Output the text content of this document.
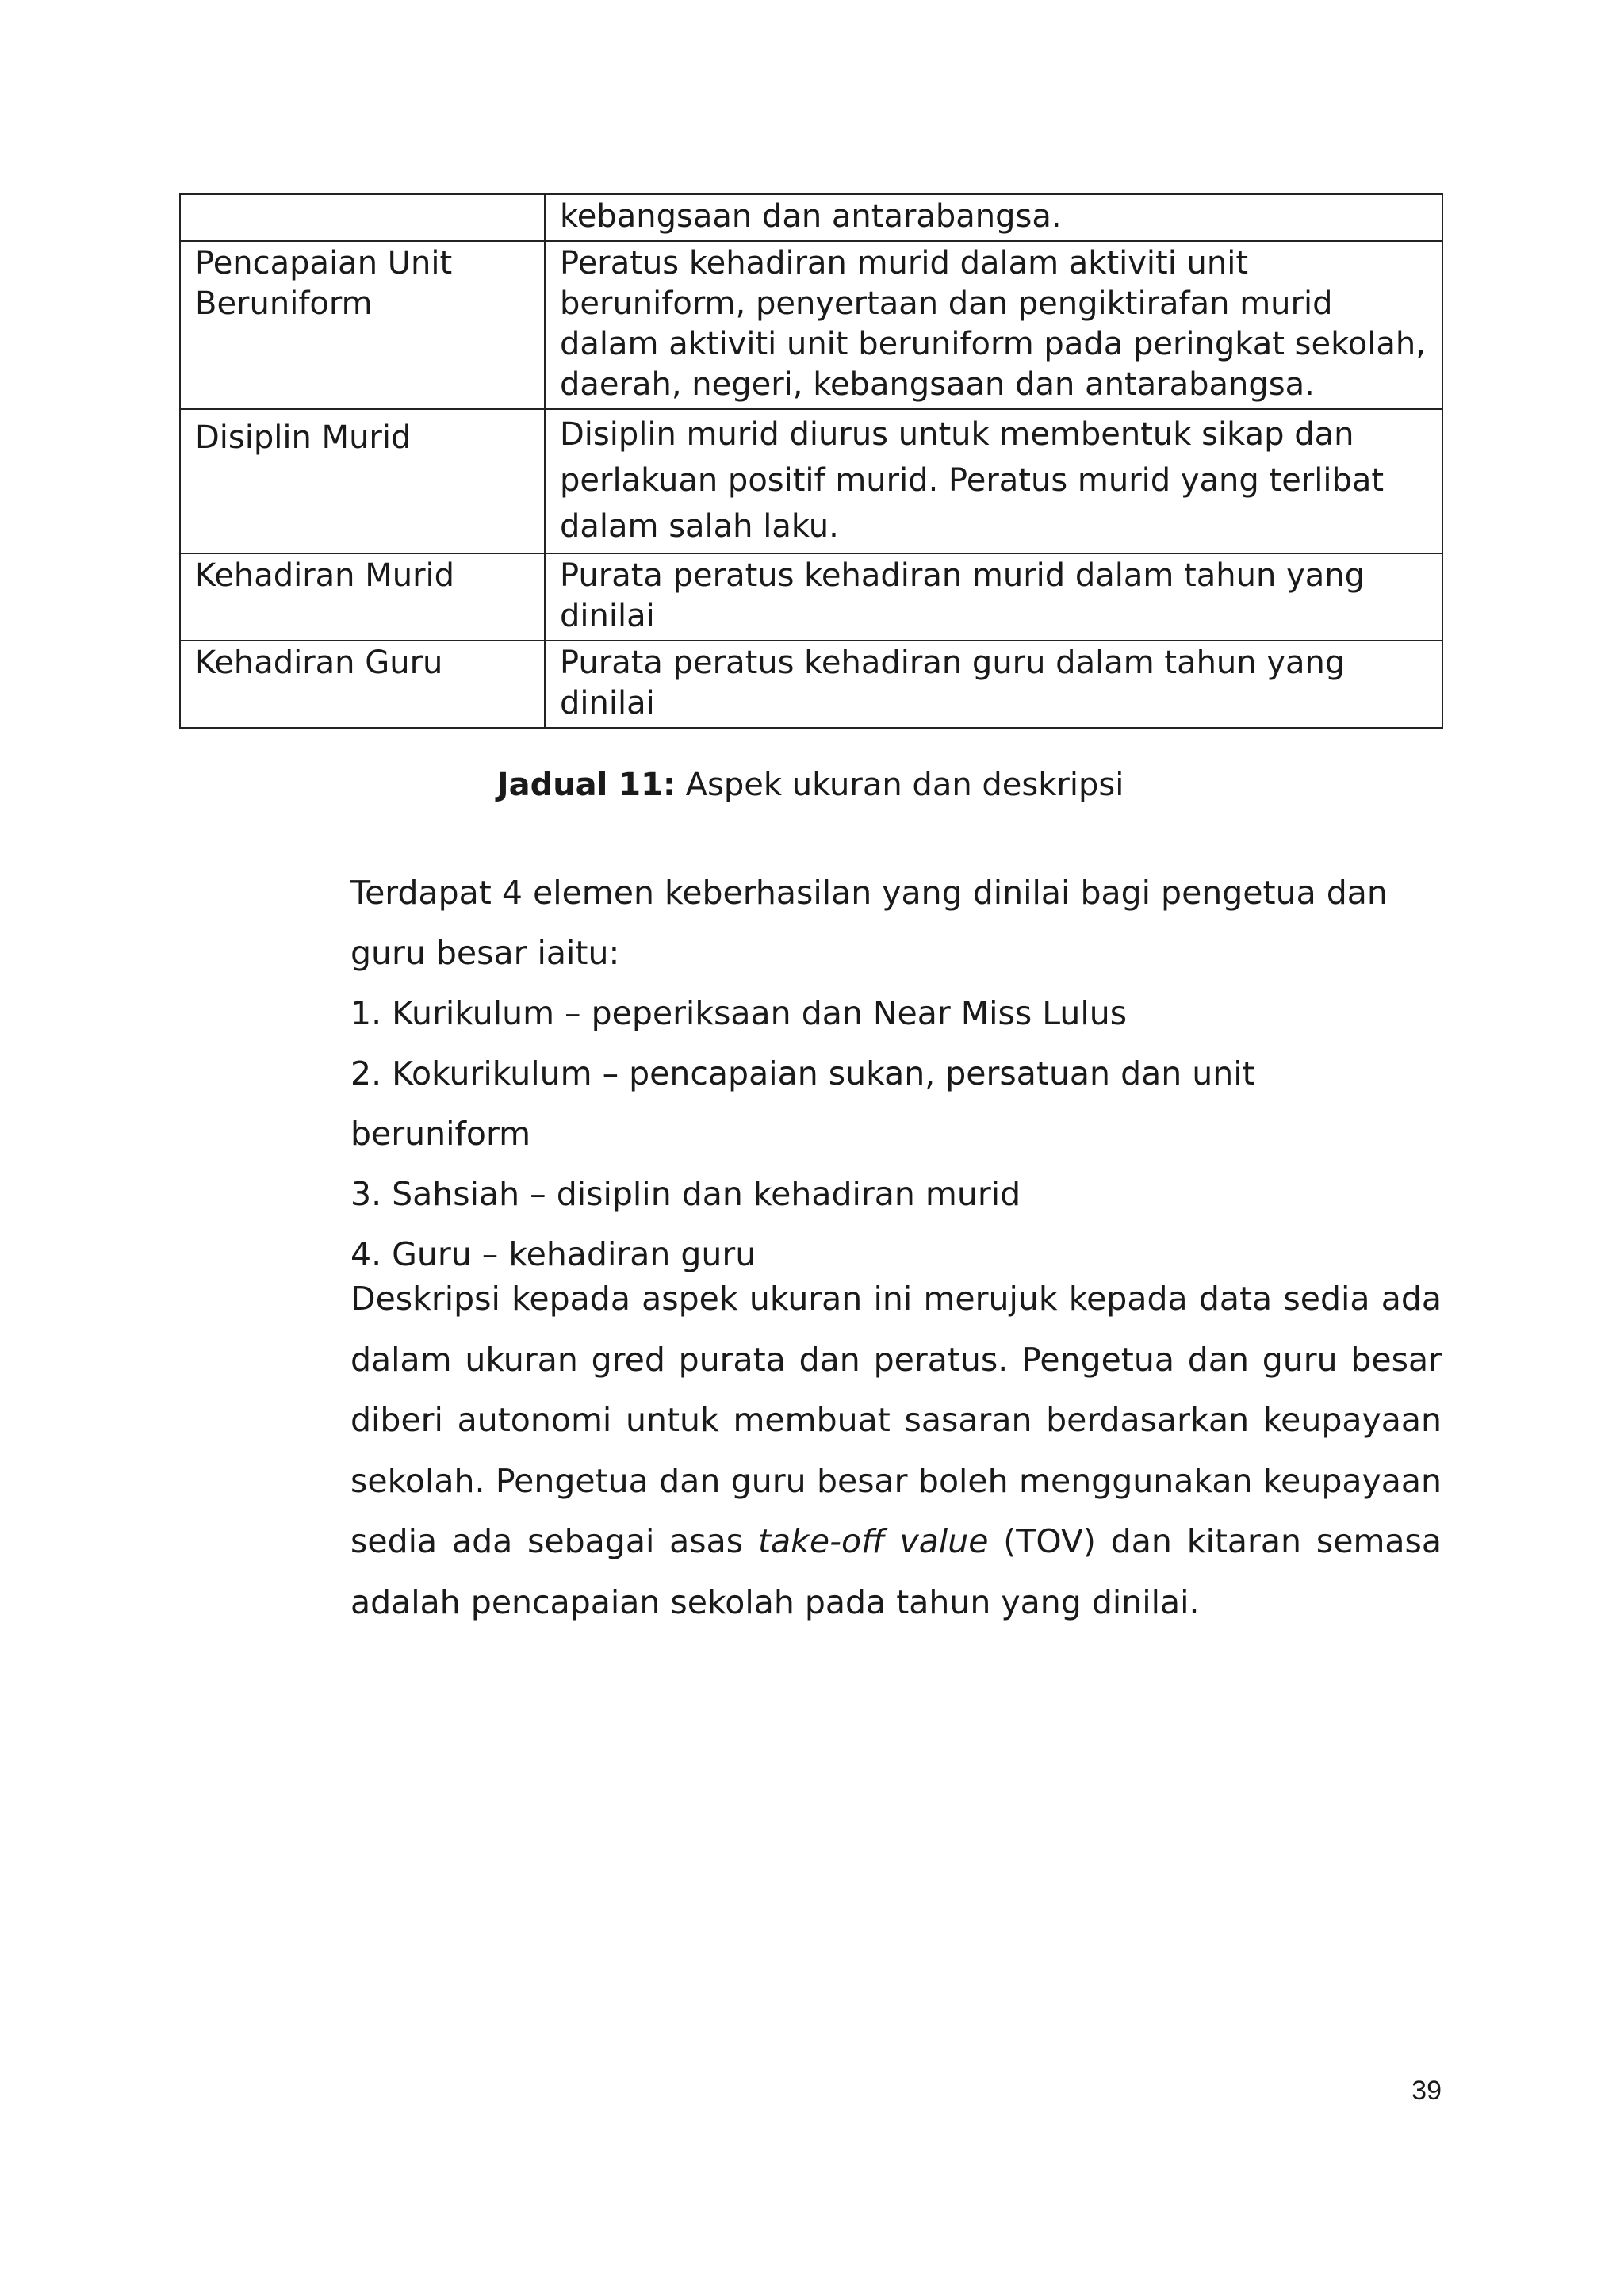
	kebangsaan dan antarabangsa.
Pencapaian Unit Beruniform	Peratus kehadiran murid dalam aktiviti unit beruniform, penyertaan dan pengiktirafan murid dalam aktiviti unit beruniform pada peringkat sekolah, daerah, negeri, kebangsaan dan antarabangsa.
Disiplin Murid	Disiplin murid diurus untuk membentuk sikap dan perlakuan positif murid. Peratus murid yang terlibat dalam salah laku.
Kehadiran Murid	Purata peratus kehadiran murid dalam tahun yang dinilai
Kehadiran Guru	Purata peratus kehadiran guru dalam tahun yang dinilai
Jadual 11: Aspek ukuran dan deskripsi

Terdapat 4 elemen keberhasilan yang dinilai bagi pengetua dan guru besar iaitu:

1. Kurikulum – peperiksaan dan Near Miss Lulus
2. Kokurikulum – pencapaian sukan, persatuan dan unit beruniform
3. Sahsiah – disiplin dan kehadiran murid
4. Guru – kehadiran guru

Deskripsi kepada aspek ukuran ini merujuk kepada data sedia ada dalam ukuran gred purata dan peratus. Pengetua dan guru besar diberi autonomi untuk membuat sasaran berdasarkan keupayaan sekolah. Pengetua dan guru besar boleh menggunakan keupayaan sedia ada sebagai asas take-off value (TOV) dan kitaran semasa adalah pencapaian sekolah pada tahun yang dinilai.

39
